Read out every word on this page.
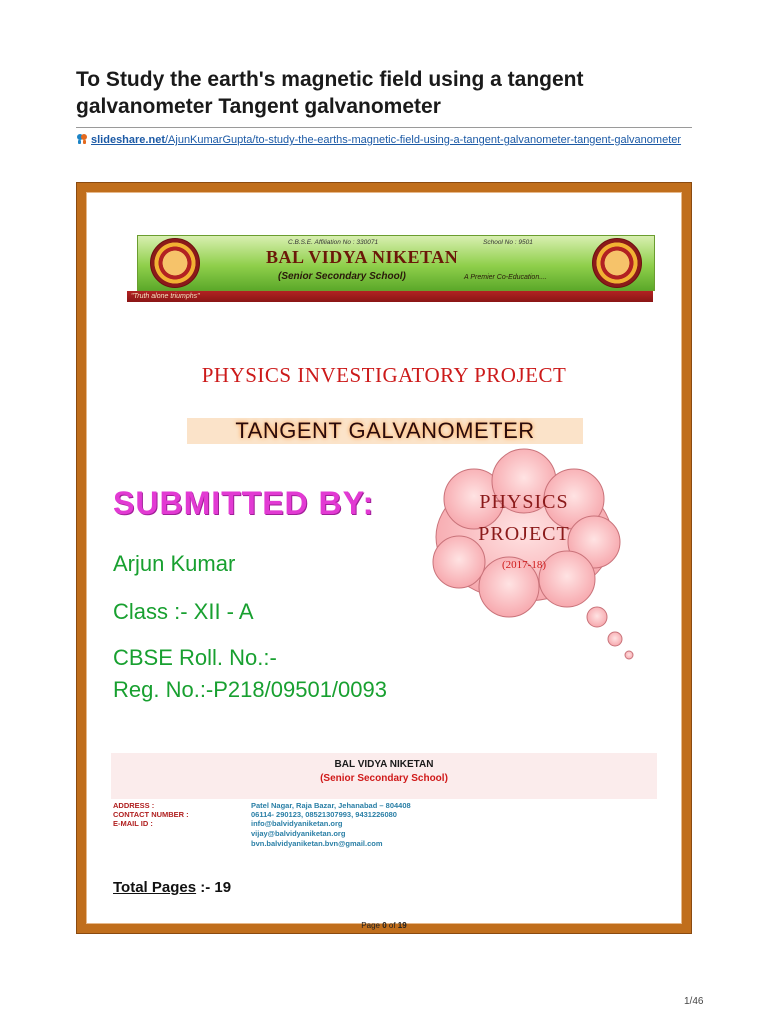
To Study the earth's magnetic field using a tangent galvanometer Tangent galvanometer
slideshare.net/AjunKumarGupta/to-study-the-earths-magnetic-field-using-a-tangent-galvanometer-tangent-galvanometer
C.B.S.E. Affiliation No : 330071	School No : 9501
BAL VIDYA NIKETAN
(Senior Secondary School)	A Premier Co-Education....
"Truth alone triumphs"
PHYSICS INVESTIGATORY PROJECT
TANGENT GALVANOMETER
SUBMITTED BY:	PHYSICS
PROJECT
(2017-18)
Arjun Kumar
Class :- XII - A
CBSE Roll. No.:-
Reg. No.:-P218/09501/0093
BAL VIDYA NIKETAN
(Senior Secondary School)
ADDRESS :	Patel Nagar, Raja Bazar, Jehanabad – 804408
CONTACT NUMBER :	06114- 290123, 08521307993, 9431226080
E-MAIL ID :	info@balvidyaniketan.org
vijay@balvidyaniketan.org
bvn.balvidyaniketan.bvn@gmail.com
Total Pages :- 19
Page 0 of 19
1/46
